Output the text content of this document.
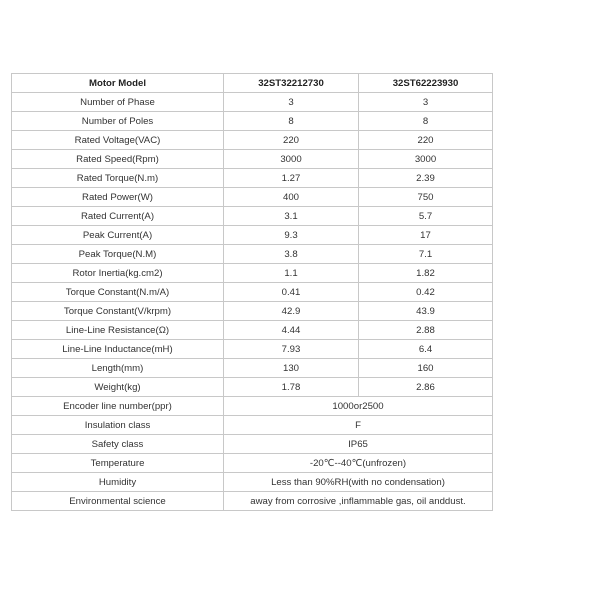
Motor Model	32ST32212730	32ST62223930
Number of Phase	3	3
Number of Poles	8	8
Rated Voltage(VAC)	220	220
Rated Speed(Rpm)	3000	3000
Rated Torque(N.m)	1.27	2.39
Rated Power(W)	400	750
Rated Current(A)	3.1	5.7
Peak Current(A)	9.3	17
Peak Torque(N.M)	3.8	7.1
Rotor Inertia(kg.cm2)	1.1	1.82
Torque Constant(N.m/A)	0.41	0.42
Torque Constant(V/krpm)	42.9	43.9
Line-Line Resistance(Ω)	4.44	2.88
Line-Line Inductance(mH)	7.93	6.4
Length(mm)	130	160
Weight(kg)	1.78	2.86
Encoder line number(ppr)	1000or2500	
Insulation class	F	
Safety class	IP65	
Temperature	-20℃--40℃(unfrozen)	
Humidity	Less than 90%RH(with no condensation)	
Environmental science	away from corrosive ,inflammable gas, oil anddust.	
